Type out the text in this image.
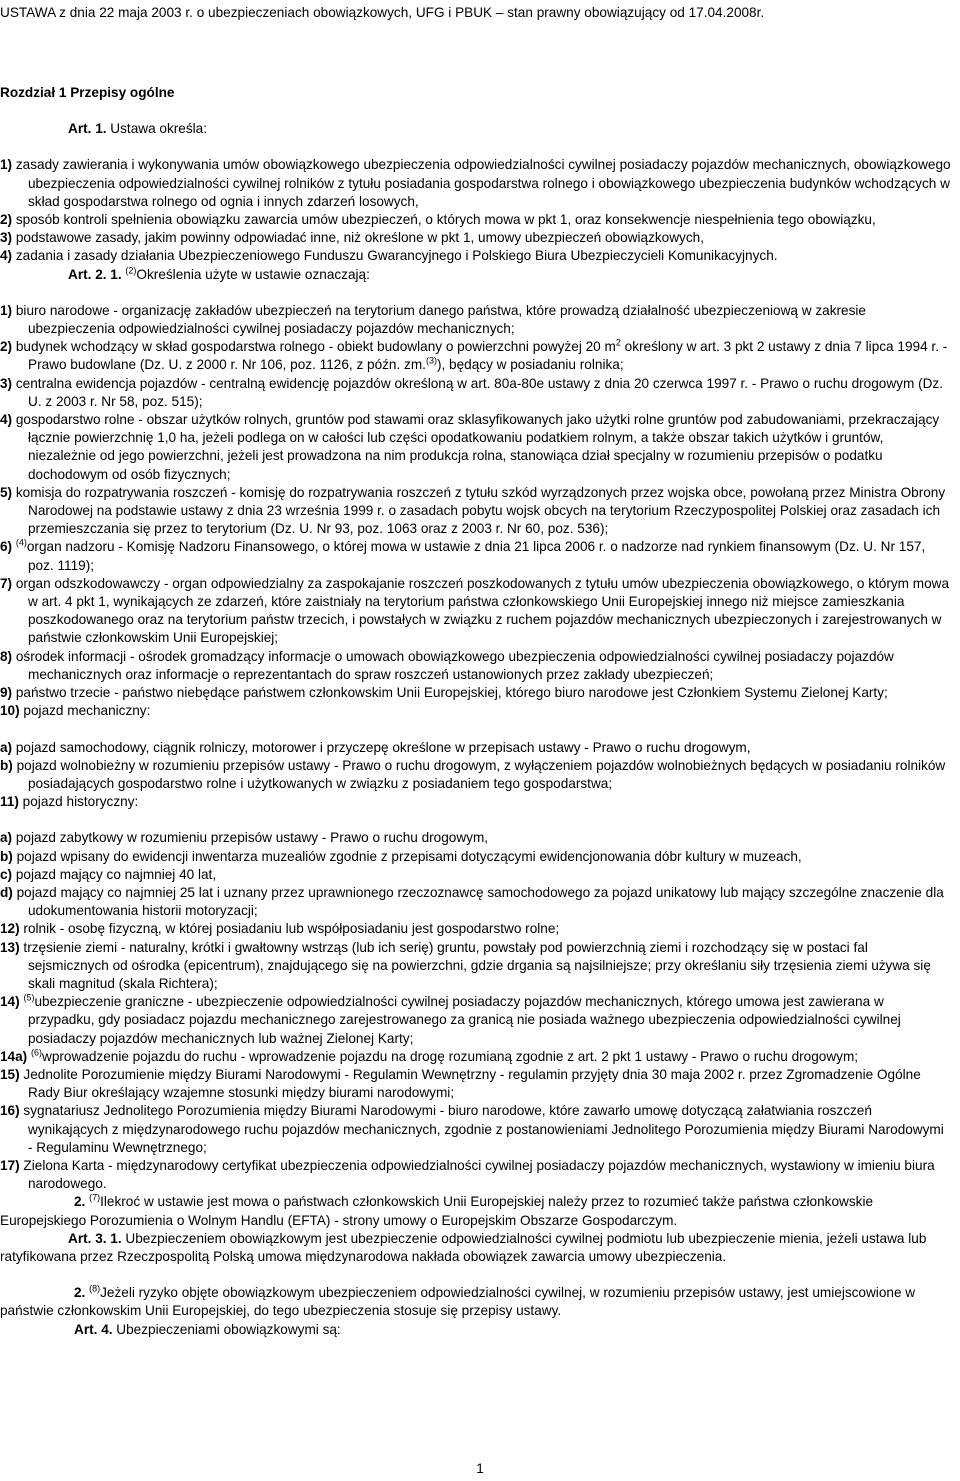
USTAWA z dnia 22 maja 2003 r. o ubezpieczeniach obowiązkowych, UFG i PBUK – stan prawny obowiązujący od 17.04.2008r.

Rozdział 1 Przepisy ogólne

Art. 1. Ustawa określa:

1) zasady zawierania i wykonywania umów obowiązkowego ubezpieczenia odpowiedzialności cywilnej posiadaczy pojazdów mechanicznych, obowiązkowego ubezpieczenia odpowiedzialności cywilnej rolników z tytułu posiadania gospodarstwa rolnego i obowiązkowego ubezpieczenia budynków wchodzących w skład gospodarstwa rolnego od ognia i innych zdarzeń losowych,

2) sposób kontroli spełnienia obowiązku zawarcia umów ubezpieczeń, o których mowa w pkt 1, oraz konsekwencje niespełnienia tego obowiązku,

3) podstawowe zasady, jakim powinny odpowiadać inne, niż określone w pkt 1, umowy ubezpieczeń obowiązkowych,

4) zadania i zasady działania Ubezpieczeniowego Funduszu Gwarancyjnego i Polskiego Biura Ubezpieczycieli Komunikacyjnych.

Art. 2. 1. $^{(2)}$Określenia użyte w ustawie oznaczają:

1) biuro narodowe - organizację zakładów ubezpieczeń na terytorium danego państwa, które prowadzą działalność ubezpieczeniową w zakresie ubezpieczenia odpowiedzialności cywilnej posiadaczy pojazdów mechanicznych;

2) budynek wchodzący w skład gospodarstwa rolnego - obiekt budowlany o powierzchni powyżej 20 $m^2$ określony w art. 3 pkt 2 ustawy z dnia 7 lipca 1994 r. - Prawo budowlane (Dz. U. z 2000 r. Nr 106, poz. 1126, z późn. zm.$^{(3)}$), będący w posiadaniu rolnika;

3) centralna ewidencja pojazdów - centralną ewidencję pojazdów określoną w art. 80a-80e ustawy z dnia 20 czerwca 1997 r. - Prawo o ruchu drogowym (Dz. U. z 2003 r. Nr 58, poz. 515);

4) gospodarstwo rolne - obszar użytków rolnych, gruntów pod stawami oraz sklasyfikowanych jako użytki rolne gruntów pod zabudowaniami, przekraczający łącznie powierzchnię 1,0 ha, jeżeli podlega on w całości lub części opodatkowaniu podatkiem rolnym, a także obszar takich użytków i gruntów, niezależnie od jego powierzchni, jeżeli jest prowadzona na nim produkcja rolna, stanowiąca dział specjalny w rozumieniu przepisów o podatku dochodowym od osób fizycznych;

5) komisja do rozpatrywania roszczeń - komisję do rozpatrywania roszczeń z tytułu szkód wyrządzonych przez wojska obce, powołaną przez Ministra Obrony Narodowej na podstawie ustawy z dnia 23 września 1999 r. o zasadach pobytu wojsk obcych na terytorium Rzeczypospolitej Polskiej oraz zasadach ich przemieszczania się przez to terytorium (Dz. U. Nr 93, poz. 1063 oraz z 2003 r. Nr 60, poz. 536);

6) $^{(4)}$organ nadzoru - Komisję Nadzoru Finansowego, o której mowa w ustawie z dnia 21 lipca 2006 r. o nadzorze nad rynkiem finansowym (Dz. U. Nr 157, poz. 1119);

7) organ odszkodowawczy - organ odpowiedzialny za zaspokajanie roszczeń poszkodowanych z tytułu umów ubezpieczenia obowiązkowego, o którym mowa w art. 4 pkt 1, wynikających ze zdarzeń, które zaistniały na terytorium państwa członkowskiego Unii Europejskiej innego niż miejsce zamieszkania poszkodowanego oraz na terytorium państw trzecich, i powstałych w związku z ruchem pojazdów mechanicznych ubezpieczonych i zarejestrowanych w państwie członkowskim Unii Europejskiej;

8) ośrodek informacji - ośrodek gromadzący informacje o umowach obowiązkowego ubezpieczenia odpowiedzialności cywilnej posiadaczy pojazdów mechanicznych oraz informacje o reprezentantach do spraw roszczeń ustanowionych przez zakłady ubezpieczeń;

9) państwo trzecie - państwo niebędące państwem członkowskim Unii Europejskiej, którego biuro narodowe jest Członkiem Systemu Zielonej Karty;

10) pojazd mechaniczny:

a) pojazd samochodowy, ciągnik rolniczy, motorower i przyczepę określone w przepisach ustawy - Prawo o ruchu drogowym,

b) pojazd wolnobieżny w rozumieniu przepisów ustawy - Prawo o ruchu drogowym, z wyłączeniem pojazdów wolnobieżnych będących w posiadaniu rolników posiadających gospodarstwo rolne i użytkowanych w związku z posiadaniem tego gospodarstwa;

11) pojazd historyczny:

a) pojazd zabytkowy w rozumieniu przepisów ustawy - Prawo o ruchu drogowym,

b) pojazd wpisany do ewidencji inwentarza muzealiów zgodnie z przepisami dotyczącymi ewidencjonowania dóbr kultury w muzeach,

c) pojazd mający co najmniej 40 lat,

d) pojazd mający co najmniej 25 lat i uznany przez uprawnionego rzeczoznawcę samochodowego za pojazd unikatowy lub mający szczególne znaczenie dla udokumentowania historii motoryzacji;

12) rolnik - osobę fizyczną, w której posiadaniu lub współposiadaniu jest gospodarstwo rolne;

13) trzęsienie ziemi - naturalny, krótki i gwałtowny wstrząs (lub ich serię) gruntu, powstały pod powierzchnią ziemi i rozchodzący się w postaci fal sejsmicznych od ośrodka (epicentrum), znajdującego się na powierzchni, gdzie drgania są najsilniejsze; przy określaniu siły trzęsienia ziemi używa się skali magnitud (skala Richtera);

14) $^{(5)}$ubezpieczenie graniczne - ubezpieczenie odpowiedzialności cywilnej posiadaczy pojazdów mechanicznych, którego umowa jest zawierana w przypadku, gdy posiadacz pojazdu mechanicznego zarejestrowanego za granicą nie posiada ważnego ubezpieczenia odpowiedzialności cywilnej posiadaczy pojazdów mechanicznych lub ważnej Zielonej Karty;

14a) $^{(6)}$wprowadzenie pojazdu do ruchu - wprowadzenie pojazdu na drogę rozumianą zgodnie z art. 2 pkt 1 ustawy - Prawo o ruchu drogowym;

15) Jednolite Porozumienie między Biurami Narodowymi - Regulamin Wewnętrzny - regulamin przyjęty dnia 30 maja 2002 r. przez Zgromadzenie Ogólne Rady Biur określający wzajemne stosunki między biurami narodowymi;

16) sygnatariusz Jednolitego Porozumienia między Biurami Narodowymi - biuro narodowe, które zawarło umowę dotyczącą załatwiania roszczeń wynikających z międzynarodowego ruchu pojazdów mechanicznych, zgodnie z postanowieniami Jednolitego Porozumienia między Biurami Narodowymi - Regulaminu Wewnętrznego;

17) Zielona Karta - międzynarodowy certyfikat ubezpieczenia odpowiedzialności cywilnej posiadaczy pojazdów mechanicznych, wystawiony w imieniu biura narodowego.

2. $^{(7)}$Ilekroć w ustawie jest mowa o państwach członkowskich Unii Europejskiej należy przez to rozumieć także państwa członkowskie Europejskiego Porozumienia o Wolnym Handlu (EFTA) - strony umowy o Europejskim Obszarze Gospodarczym.

Art. 3. 1. Ubezpieczeniem obowiązkowym jest ubezpieczenie odpowiedzialności cywilnej podmiotu lub ubezpieczenie mienia, jeżeli ustawa lub ratyfikowana przez Rzeczpospolitą Polską umowa międzynarodowa nakłada obowiązek zawarcia umowy ubezpieczenia.

2. $^{(8)}$Jeżeli ryzyko objęte obowiązkowym ubezpieczeniem odpowiedzialności cywilnej, w rozumieniu przepisów ustawy, jest umiejscowione w państwie członkowskim Unii Europejskiej, do tego ubezpieczenia stosuje się przepisy ustawy.

Art. 4. Ubezpieczeniami obowiązkowymi są:

1
